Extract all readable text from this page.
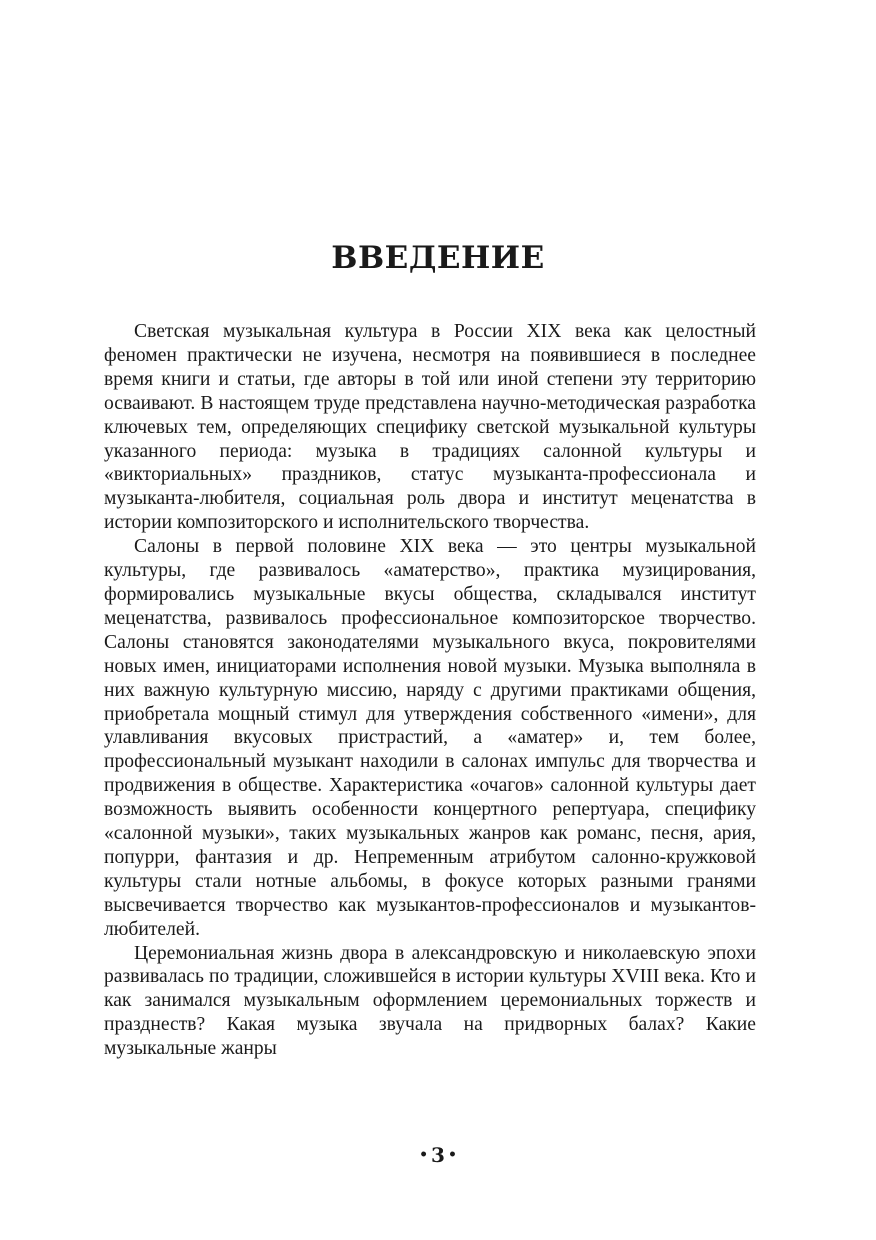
ВВЕДЕНИЕ

Светская музыкальная культура в России XIX века как целостный феномен практически не изучена, несмотря на появившиеся в последнее время книги и статьи, где авторы в той или иной степени эту территорию осваивают. В настоящем труде представлена научно-методическая разработка ключевых тем, определяющих специфику светской музыкальной культуры указанного периода: музыка в традициях салонной культуры и «викториальных» праздников, статус музыканта-профессионала и музыканта-любителя, социальная роль двора и институт меценатства в истории композиторского и исполнительского творчества.

Салоны в первой половине XIX века — это центры музыкальной культуры, где развивалось «аматерство», практика музицирования, формировались музыкальные вкусы общества, складывался институт меценатства, развивалось профессиональное композиторское творчество. Салоны становятся законодателями музыкального вкуса, покровителями новых имен, инициаторами исполнения новой музыки. Музыка выполняла в них важную культурную миссию, наряду с другими практиками общения, приобретала мощный стимул для утверждения собственного «имени», для улавливания вкусовых пристрастий, а «аматер» и, тем более, профессиональный музыкант находили в салонах импульс для творчества и продвижения в обществе. Характеристика «очагов» салонной культуры дает возможность выявить особенности концертного репертуара, специфику «салонной музыки», таких музыкальных жанров как романс, песня, ария, попурри, фантазия и др. Непременным атрибутом салонно-кружковой культуры стали нотные альбомы, в фокусе которых разными гранями высвечивается творчество как музыкантов-профессионалов и музыкантов-любителей.

Церемониальная жизнь двора в александровскую и николаевскую эпохи развивалась по традиции, сложившейся в истории культуры XVIII века. Кто и как занимался музыкальным оформлением церемониальных торжеств и празднеств? Какая музыка звучала на придворных балах? Какие музыкальные жанры

• 3 •
